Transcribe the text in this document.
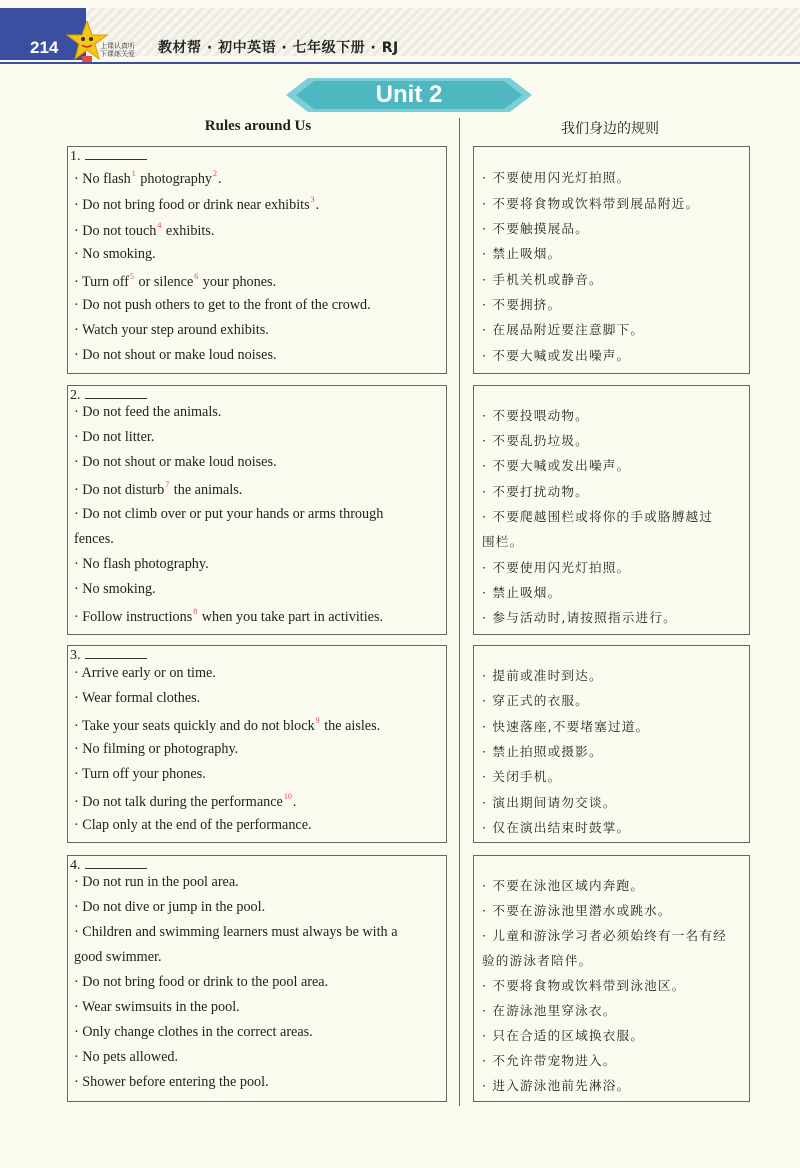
214	上课认真听
下课练关爱 教材帮 · 初中英语 · 七年级下册 · RJ
Unit 2
Rules around Us	我们身边的规则
1.
· No flash$^1$ photography$^2$.
· Do not bring food or drink near exhibits$^3$.
· Do not touch$^4$ exhibits.
· No smoking.
· Turn off$^5$ or silence$^6$ your phones.
· Do not push others to get to the front of the crowd.
· Watch your step around exhibits.
· Do not shout or make loud noises.
· 不要使用闪光灯拍照。
· 不要将食物或饮料带到展品附近。
· 不要触摸展品。
· 禁止吸烟。
· 手机关机或静音。
· 不要拥挤。
· 在展品附近要注意脚下。
· 不要大喊或发出噪声。
2.
· Do not feed the animals.
· Do not litter.
· Do not shout or make loud noises.
· Do not disturb$^7$ the animals.
· Do not climb over or put your hands or arms through
fences.
· No flash photography.
· No smoking.
· Follow instructions$^8$ when you take part in activities.
· 不要投喂动物。
· 不要乱扔垃圾。
· 不要大喊或发出噪声。
· 不要打扰动物。
· 不要爬越围栏或将你的手或胳膊越过
围栏。
· 不要使用闪光灯拍照。
· 禁止吸烟。
· 参与活动时,请按照指示进行。
3.
· Arrive early or on time.
· Wear formal clothes.
· Take your seats quickly and do not block$^9$ the aisles.
· No filming or photography.
· Turn off your phones.
· Do not talk during the performance$^{10}$.
· Clap only at the end of the performance.
· 提前或准时到达。
· 穿正式的衣服。
· 快速落座,不要堵塞过道。
· 禁止拍照或摄影。
· 关闭手机。
· 演出期间请勿交谈。
· 仅在演出结束时鼓掌。
4.
· Do not run in the pool area.
· Do not dive or jump in the pool.
· Children and swimming learners must always be with a
good swimmer.
· Do not bring food or drink to the pool area.
· Wear swimsuits in the pool.
· Only change clothes in the correct areas.
· No pets allowed.
· Shower before entering the pool.
· 不要在泳池区域内奔跑。
· 不要在游泳池里潜水或跳水。
· 儿童和游泳学习者必须始终有一名有经
验的游泳者陪伴。
· 不要将食物或饮料带到泳池区。
· 在游泳池里穿泳衣。
· 只在合适的区域换衣服。
· 不允许带宠物进入。
· 进入游泳池前先淋浴。
